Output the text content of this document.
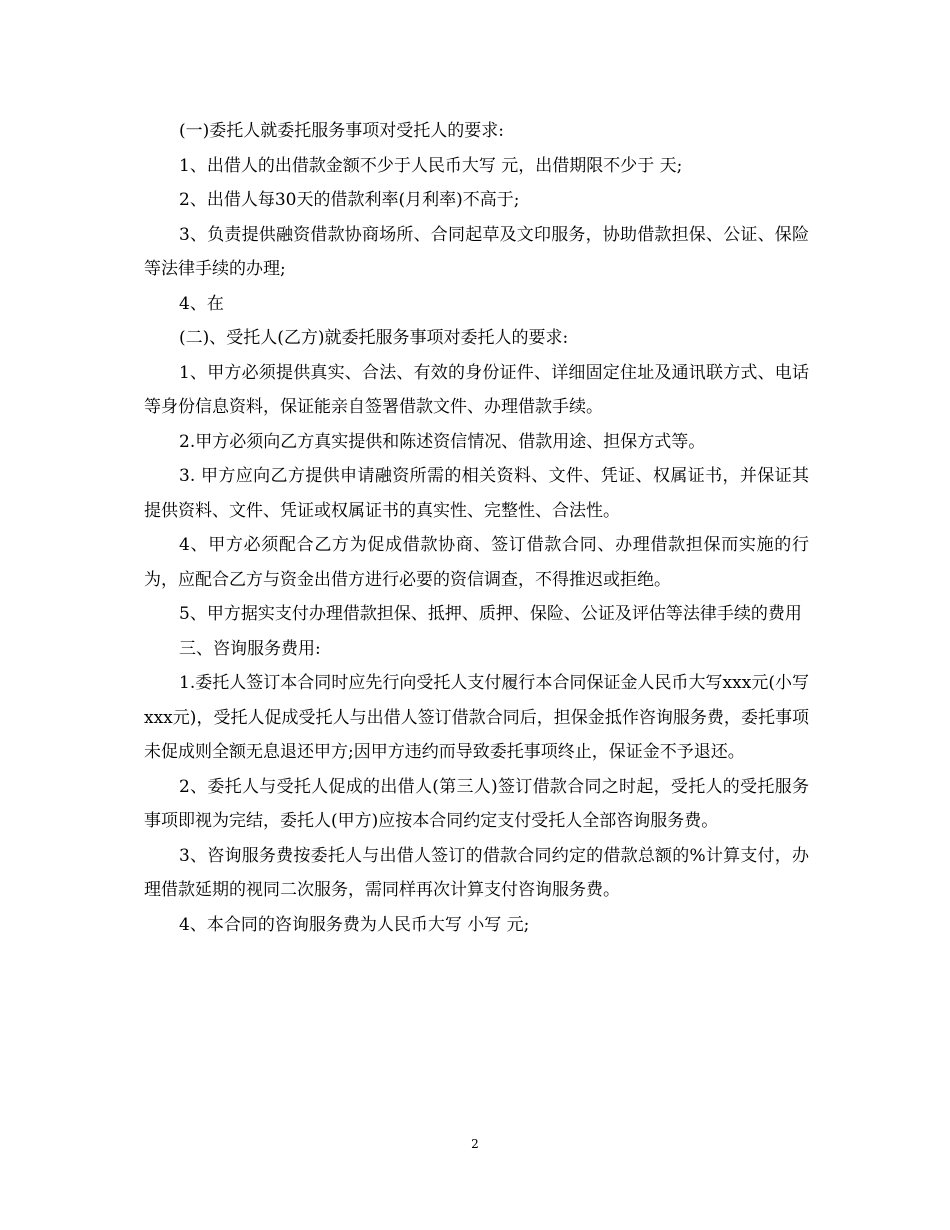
(一)委托人就委托服务事项对受托人的要求:

1、出借人的出借款金额不少于人民币大写 元，出借期限不少于 天;

2、出借人每30天的借款利率(月利率)不高于;

3、负责提供融资借款协商场所、合同起草及文印服务，协助借款担保、公证、保险等法律手续的办理;

4、在

(二)、受托人(乙方)就委托服务事项对委托人的要求:

1、甲方必须提供真实、合法、有效的身份证件、详细固定住址及通讯联方式、电话等身份信息资料，保证能亲自签署借款文件、办理借款手续。

2.甲方必须向乙方真实提供和陈述资信情况、借款用途、担保方式等。

3. 甲方应向乙方提供申请融资所需的相关资料、文件、凭证、权属证书，并保证其提供资料、文件、凭证或权属证书的真实性、完整性、合法性。

4、甲方必须配合乙方为促成借款协商、签订借款合同、办理借款担保而实施的行为，应配合乙方与资金出借方进行必要的资信调查，不得推迟或拒绝。

5、甲方据实支付办理借款担保、抵押、质押、保险、公证及评估等法律手续的费用

三、咨询服务费用:

1.委托人签订本合同时应先行向受托人支付履行本合同保证金人民币大写xxx元(小写xxx元)，受托人促成受托人与出借人签订借款合同后，担保金抵作咨询服务费，委托事项未促成则全额无息退还甲方;因甲方违约而导致委托事项终止，保证金不予退还。

2、委托人与受托人促成的出借人(第三人)签订借款合同之时起，受托人的受托服务事项即视为完结，委托人(甲方)应按本合同约定支付受托人全部咨询服务费。

3、咨询服务费按委托人与出借人签订的借款合同约定的借款总额的%计算支付，办理借款延期的视同二次服务，需同样再次计算支付咨询服务费。

4、本合同的咨询服务费为人民币大写 小写 元;

2
